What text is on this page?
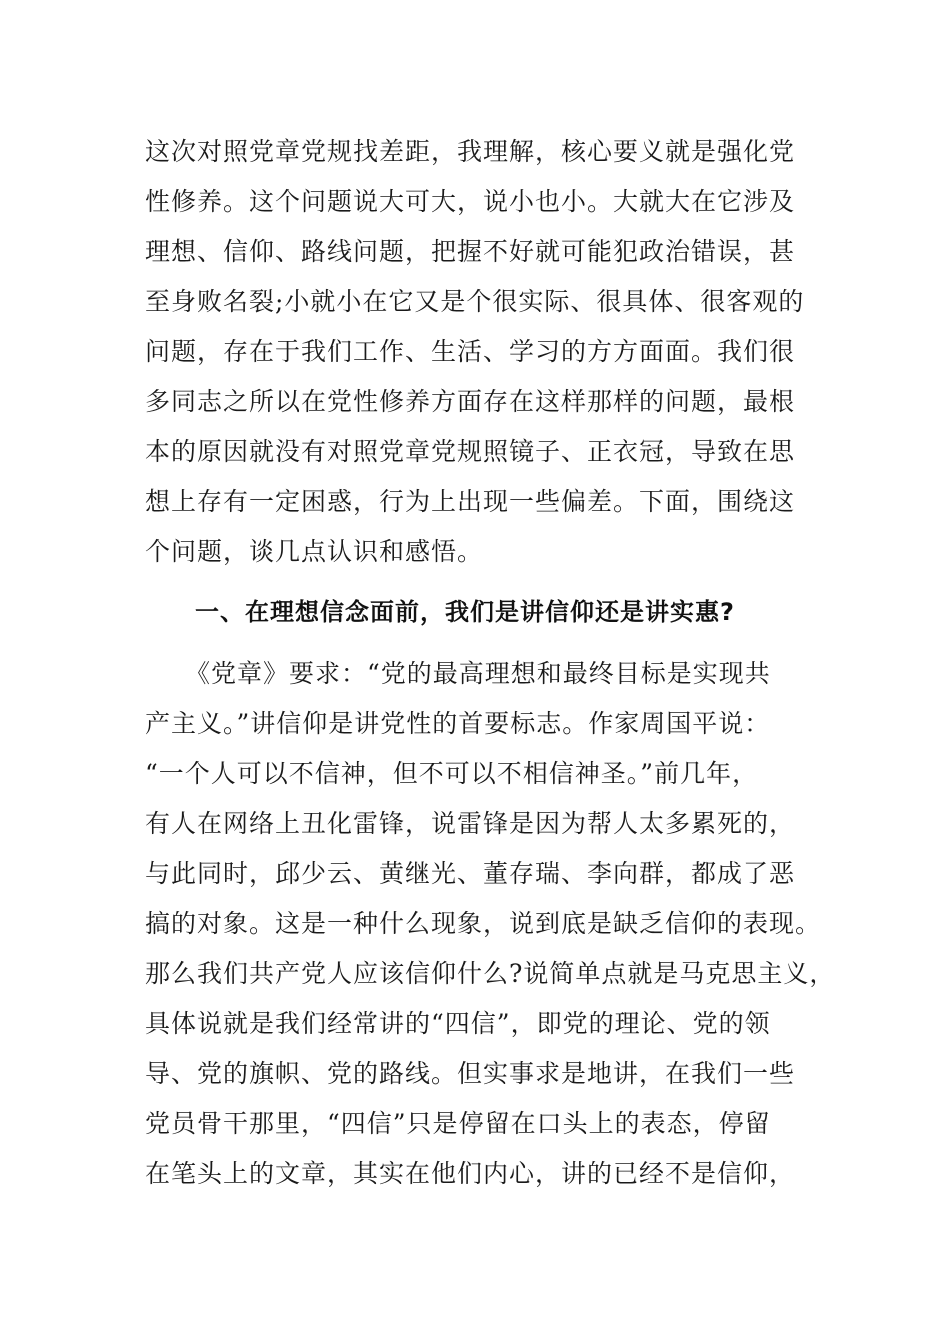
这次对照党章党规找差距，我理解，核心要义就是强化党
性修养。这个问题说大可大，说小也小。大就大在它涉及
理想、信仰、路线问题，把握不好就可能犯政治错误，甚
至身败名裂;小就小在它又是个很实际、很具体、很客观的
问题，存在于我们工作、生活、学习的方方面面。我们很
多同志之所以在党性修养方面存在这样那样的问题，最根
本的原因就没有对照党章党规照镜子、正衣冠，导致在思
想上存有一定困惑，行为上出现一些偏差。下面，围绕这
个问题，谈几点认识和感悟。
一、在理想信念面前，我们是讲信仰还是讲实惠?
《党章》要求：“党的最高理想和最终目标是实现共
产主义。”讲信仰是讲党性的首要标志。作家周国平说：
“一个人可以不信神，但不可以不相信神圣。”前几年，
有人在网络上丑化雷锋，说雷锋是因为帮人太多累死的，
与此同时，邱少云、黄继光、董存瑞、李向群，都成了恶
搞的对象。这是一种什么现象，说到底是缺乏信仰的表现。
那么我们共产党人应该信仰什么?说简单点就是马克思主义，
具体说就是我们经常讲的“四信”，即党的理论、党的领
导、党的旗帜、党的路线。但实事求是地讲，在我们一些
党员骨干那里，“四信”只是停留在口头上的表态，停留
在笔头上的文章，其实在他们内心，讲的已经不是信仰，
